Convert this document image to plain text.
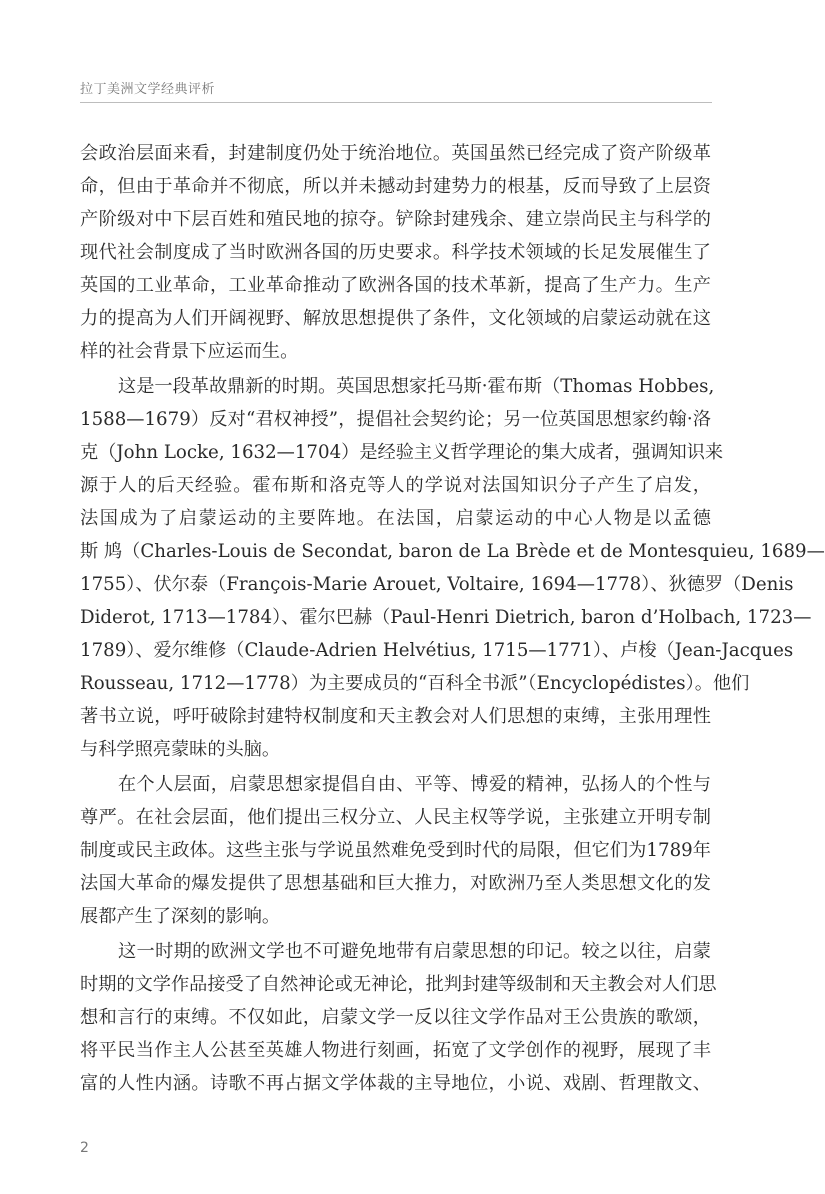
拉丁美洲文学经典评析
会政治层面来看，封建制度仍处于统治地位。英国虽然已经完成了资产阶级革
命，但由于革命并不彻底，所以并未撼动封建势力的根基，反而导致了上层资
产阶级对中下层百姓和殖民地的掠夺。铲除封建残余、建立崇尚民主与科学的
现代社会制度成了当时欧洲各国的历史要求。科学技术领域的长足发展催生了
英国的工业革命，工业革命推动了欧洲各国的技术革新，提高了生产力。生产
力的提高为人们开阔视野、解放思想提供了条件，文化领域的启蒙运动就在这
样的社会背景下应运而生。
这是一段革故鼎新的时期。英国思想家托马斯·霍布斯（Thomas Hobbes,
1588—1679）反对“君权神授”，提倡社会契约论；另一位英国思想家约翰·洛
克（John Locke, 1632—1704）是经验主义哲学理论的集大成者，强调知识来
源于人的后天经验。霍布斯和洛克等人的学说对法国知识分子产生了启发，
法国成为了启蒙运动的主要阵地。在法国，启蒙运动的中心人物是以孟德
斯 鸠（Charles-Louis de Secondat, baron de La Brède et de Montesquieu, 1689—
1755）、伏尔泰（François-Marie Arouet, Voltaire, 1694—1778）、狄德罗（Denis
Diderot, 1713—1784）、霍尔巴赫（Paul-Henri Dietrich, baron d’Holbach, 1723—
1789）、爱尔维修（Claude-Adrien Helvétius, 1715—1771）、卢梭（Jean-Jacques
Rousseau, 1712—1778）为主要成员的“百科全书派”（Encyclopédistes）。他们
著书立说，呼吁破除封建特权制度和天主教会对人们思想的束缚，主张用理性
与科学照亮蒙昧的头脑。
在个人层面，启蒙思想家提倡自由、平等、博爱的精神，弘扬人的个性与
尊严。在社会层面，他们提出三权分立、人民主权等学说，主张建立开明专制
制度或民主政体。这些主张与学说虽然难免受到时代的局限，但它们为1789年
法国大革命的爆发提供了思想基础和巨大推力，对欧洲乃至人类思想文化的发
展都产生了深刻的影响。
这一时期的欧洲文学也不可避免地带有启蒙思想的印记。较之以往，启蒙
时期的文学作品接受了自然神论或无神论，批判封建等级制和天主教会对人们思
想和言行的束缚。不仅如此，启蒙文学一反以往文学作品对王公贵族的歌颂，
将平民当作主人公甚至英雄人物进行刻画，拓宽了文学创作的视野，展现了丰
富的人性内涵。诗歌不再占据文学体裁的主导地位，小说、戏剧、哲理散文、
2
